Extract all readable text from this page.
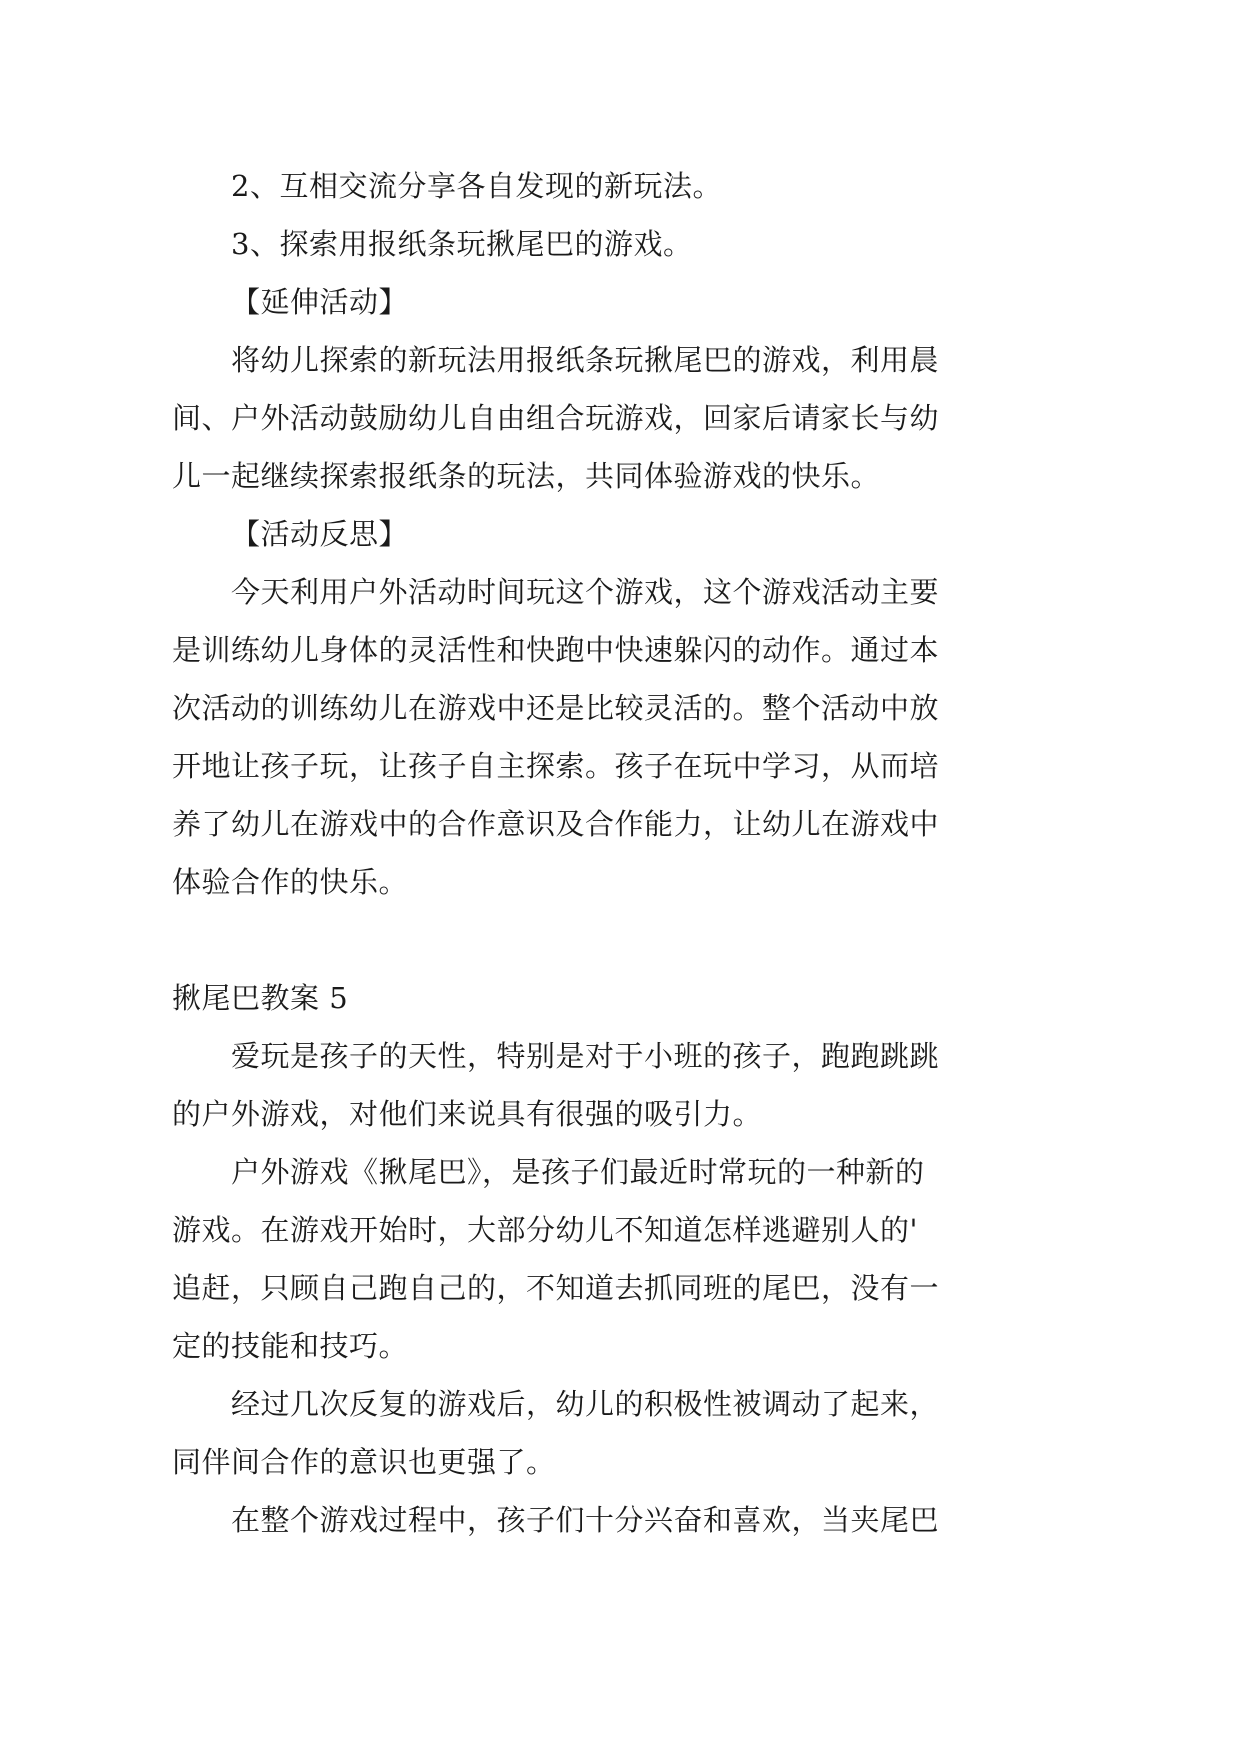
2、互相交流分享各自发现的新玩法。
3、探索用报纸条玩揪尾巴的游戏。
【延伸活动】
将幼儿探索的新玩法用报纸条玩揪尾巴的游戏，利用晨
间、户外活动鼓励幼儿自由组合玩游戏，回家后请家长与幼
儿一起继续探索报纸条的玩法，共同体验游戏的快乐。
【活动反思】
今天利用户外活动时间玩这个游戏，这个游戏活动主要
是训练幼儿身体的灵活性和快跑中快速躲闪的动作。通过本
次活动的训练幼儿在游戏中还是比较灵活的。整个活动中放
开地让孩子玩，让孩子自主探索。孩子在玩中学习，从而培
养了幼儿在游戏中的合作意识及合作能力，让幼儿在游戏中
体验合作的快乐。
揪尾巴教案 5
爱玩是孩子的天性，特别是对于小班的孩子，跑跑跳跳
的户外游戏，对他们来说具有很强的吸引力。
户外游戏《揪尾巴》，是孩子们最近时常玩的一种新的
游戏。在游戏开始时，大部分幼儿不知道怎样逃避别人的'
追赶，只顾自己跑自己的，不知道去抓同班的尾巴，没有一
定的技能和技巧。
经过几次反复的游戏后，幼儿的积极性被调动了起来，
同伴间合作的意识也更强了。
在整个游戏过程中，孩子们十分兴奋和喜欢，当夹尾巴
